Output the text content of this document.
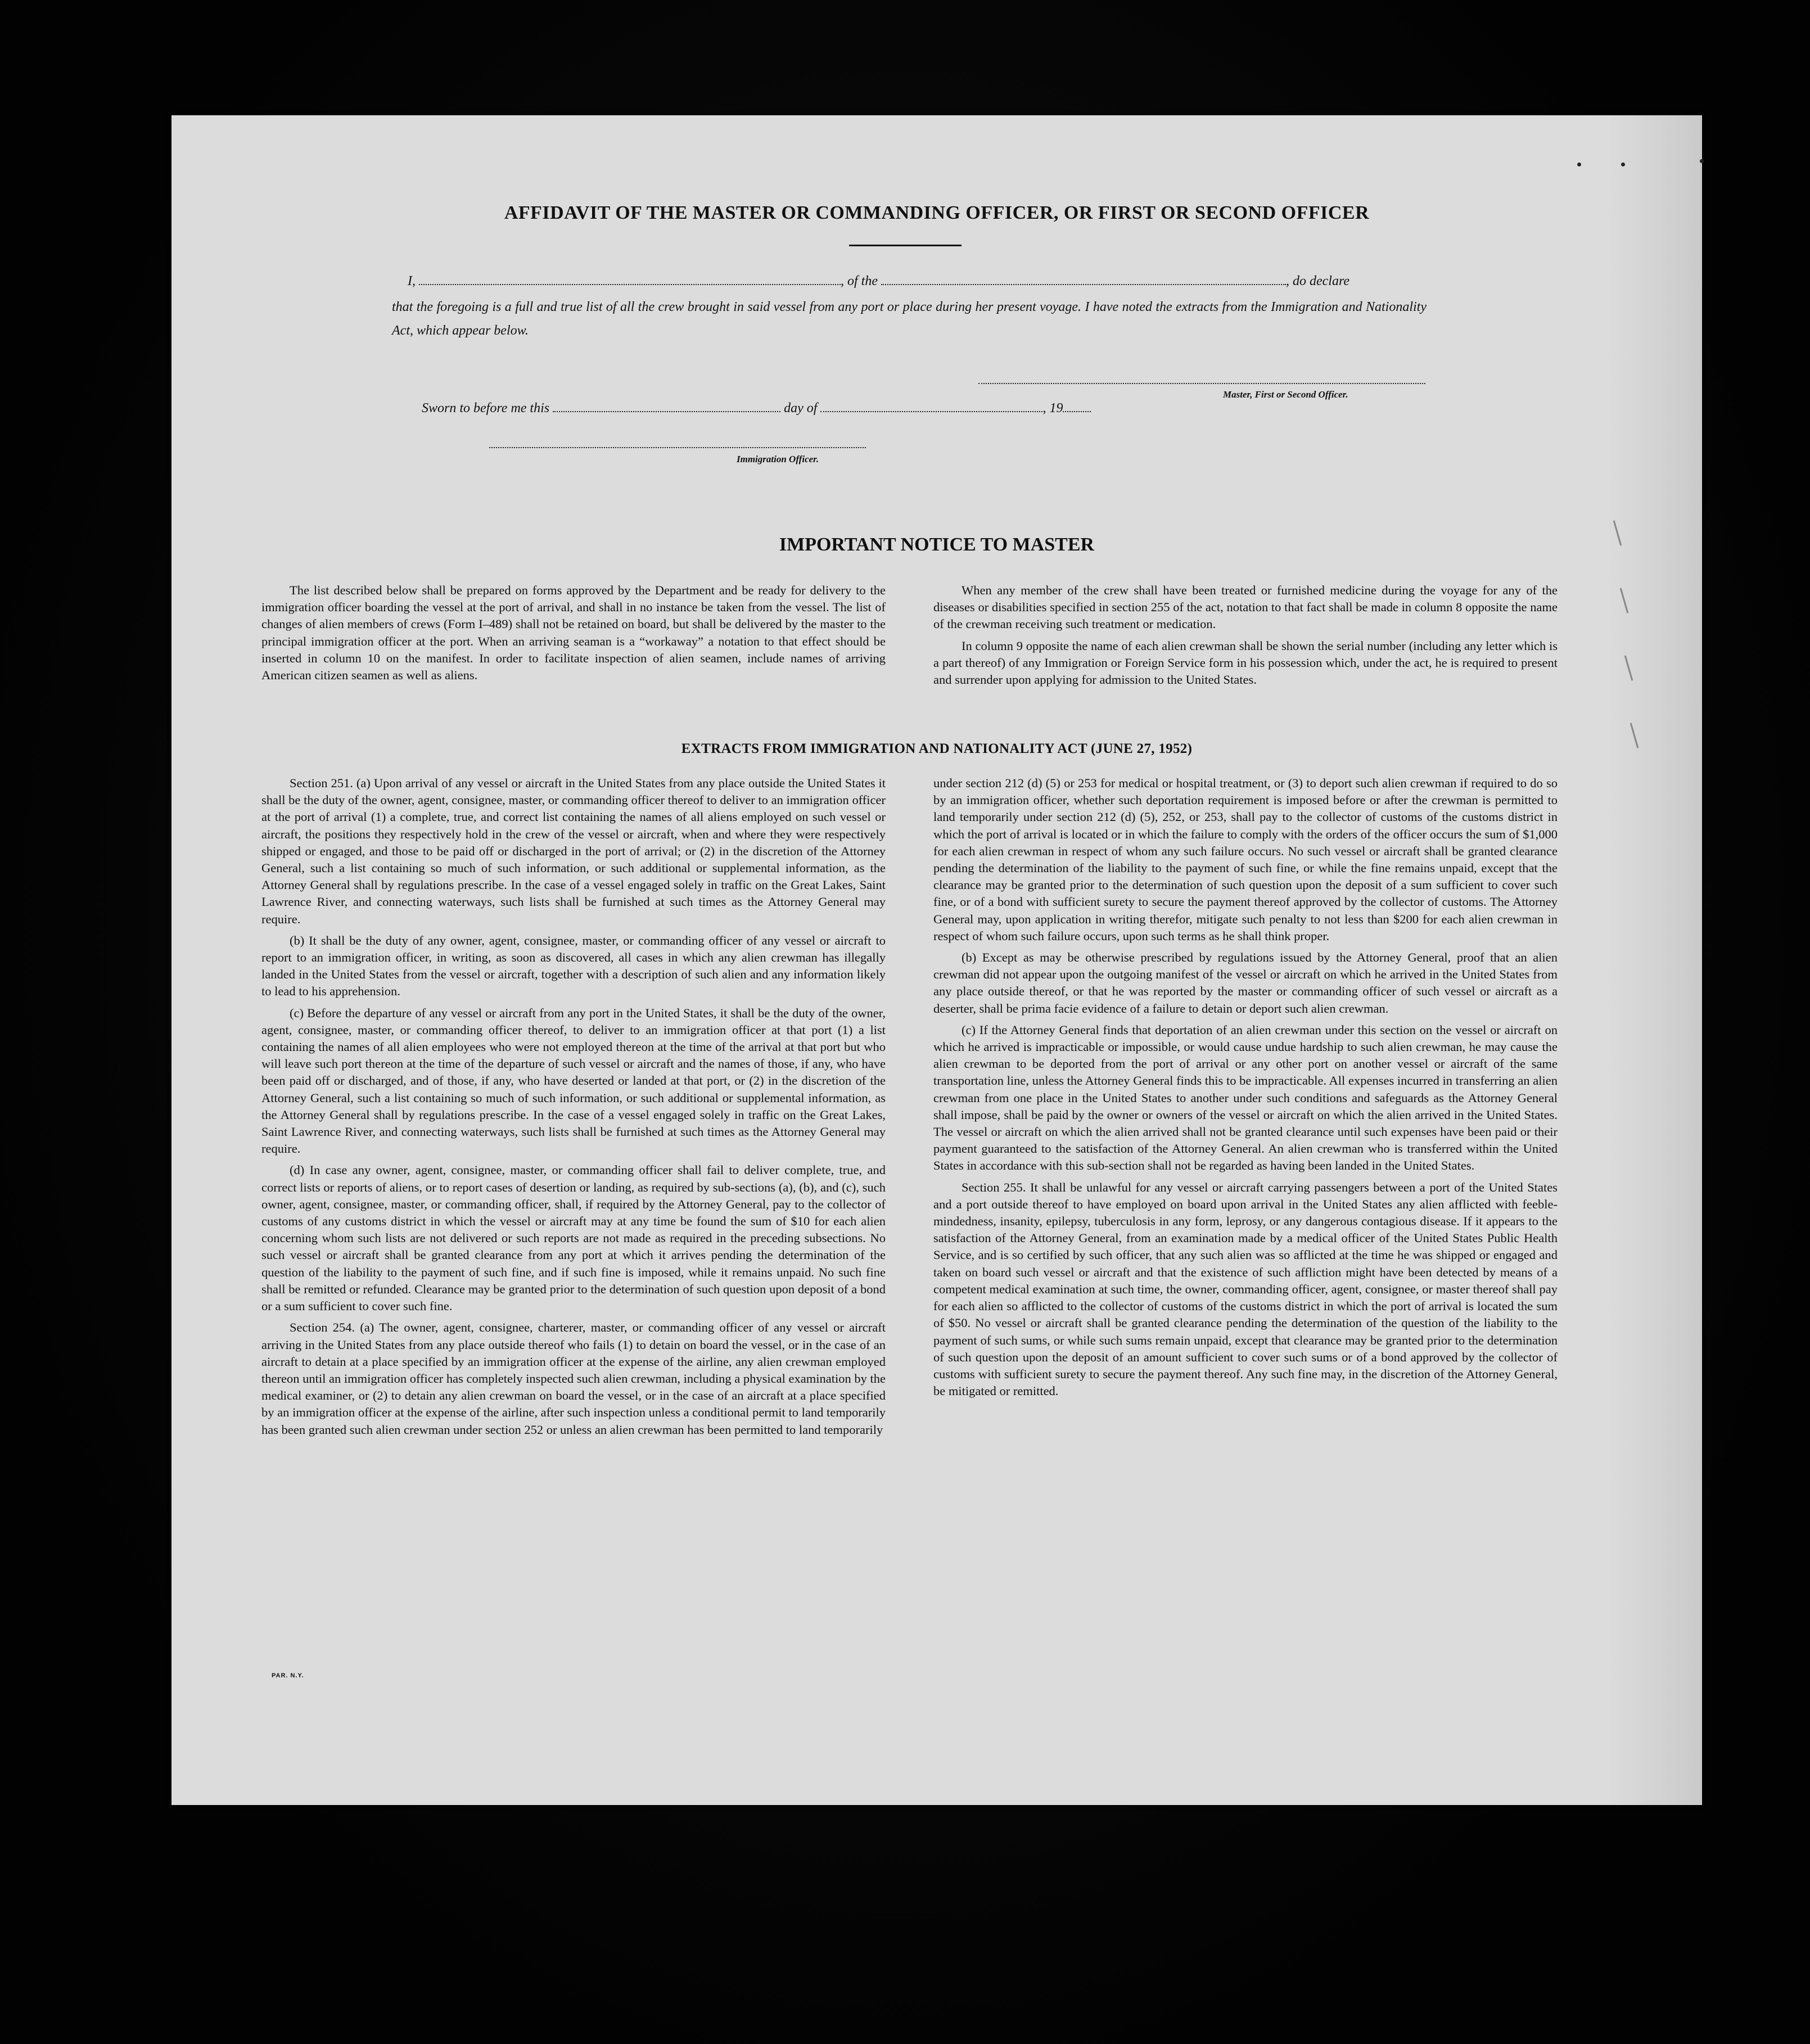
AFFIDAVIT OF THE MASTER OR COMMANDING OFFICER, OR FIRST OR SECOND OFFICER
I,	, of the	, do declare
that the foregoing is a full and true list of all the crew brought in said vessel from any port or place during her present voyage. I have noted the extracts from the Immigration and Nationality Act, which appear below.
Master, First or Second Officer.
Sworn to before me this	day of	, 19
Immigration Officer.
IMPORTANT NOTICE TO MASTER

The list described below shall be prepared on forms approved by the Department and be ready for delivery to the immigration officer boarding the vessel at the port of arrival, and shall in no instance be taken from the vessel. The list of changes of alien members of crews (Form I–489) shall not be retained on board, but shall be delivered by the master to the principal immigration officer at the port. When an arriving seaman is a “workaway” a notation to that effect should be inserted in column 10 on the manifest. In order to facilitate inspection of alien seamen, include names of arriving American citizen seamen as well as aliens.

When any member of the crew shall have been treated or furnished medicine during the voyage for any of the diseases or disabilities specified in section 255 of the act, notation to that fact shall be made in column 8 opposite the name of the crewman receiving such treatment or medication.

In column 9 opposite the name of each alien crewman shall be shown the serial number (including any letter which is a part thereof) of any Immigration or Foreign Service form in his possession which, under the act, he is required to present and surrender upon applying for admission to the United States.

EXTRACTS FROM IMMIGRATION AND NATIONALITY ACT (JUNE 27, 1952)

Section 251. (a) Upon arrival of any vessel or aircraft in the United States from any place outside the United States it shall be the duty of the owner, agent, consignee, master, or commanding officer thereof to deliver to an immigration officer at the port of arrival (1) a complete, true, and correct list containing the names of all aliens employed on such vessel or aircraft, the positions they respectively hold in the crew of the vessel or aircraft, when and where they were respectively shipped or engaged, and those to be paid off or discharged in the port of arrival; or (2) in the discretion of the Attorney General, such a list containing so much of such information, or such additional or supplemental information, as the Attorney General shall by regulations prescribe. In the case of a vessel engaged solely in traffic on the Great Lakes, Saint Lawrence River, and connecting waterways, such lists shall be furnished at such times as the Attorney General may require.

(b) It shall be the duty of any owner, agent, consignee, master, or commanding officer of any vessel or aircraft to report to an immigration officer, in writing, as soon as discovered, all cases in which any alien crewman has illegally landed in the United States from the vessel or aircraft, together with a description of such alien and any information likely to lead to his apprehension.

(c) Before the departure of any vessel or aircraft from any port in the United States, it shall be the duty of the owner, agent, consignee, master, or commanding officer thereof, to deliver to an immigration officer at that port (1) a list containing the names of all alien employees who were not employed thereon at the time of the arrival at that port but who will leave such port thereon at the time of the departure of such vessel or aircraft and the names of those, if any, who have been paid off or discharged, and of those, if any, who have deserted or landed at that port, or (2) in the discretion of the Attorney General, such a list containing so much of such information, or such additional or supplemental information, as the Attorney General shall by regulations prescribe. In the case of a vessel engaged solely in traffic on the Great Lakes, Saint Lawrence River, and connecting waterways, such lists shall be furnished at such times as the Attorney General may require.

(d) In case any owner, agent, consignee, master, or commanding officer shall fail to deliver complete, true, and correct lists or reports of aliens, or to report cases of desertion or landing, as required by sub-sections (a), (b), and (c), such owner, agent, consignee, master, or commanding officer, shall, if required by the Attorney General, pay to the collector of customs of any customs district in which the vessel or aircraft may at any time be found the sum of $10 for each alien concerning whom such lists are not delivered or such reports are not made as required in the preceding subsections. No such vessel or aircraft shall be granted clearance from any port at which it arrives pending the determination of the question of the liability to the payment of such fine, and if such fine is imposed, while it remains unpaid. No such fine shall be remitted or refunded. Clearance may be granted prior to the determination of such question upon deposit of a bond or a sum sufficient to cover such fine.

Section 254. (a) The owner, agent, consignee, charterer, master, or commanding officer of any vessel or aircraft arriving in the United States from any place outside thereof who fails (1) to detain on board the vessel, or in the case of an aircraft to detain at a place specified by an immigration officer at the expense of the airline, any alien crewman employed thereon until an immigration officer has completely inspected such alien crewman, including a physical examination by the medical examiner, or (2) to detain any alien crewman on board the vessel, or in the case of an aircraft at a place specified by an immigration officer at the expense of the airline, after such inspection unless a conditional permit to land temporarily has been granted such alien crewman under section 252 or unless an alien crewman has been permitted to land temporarily

under section 212 (d) (5) or 253 for medical or hospital treatment, or (3) to deport such alien crewman if required to do so by an immigration officer, whether such deportation requirement is imposed before or after the crewman is permitted to land temporarily under section 212 (d) (5), 252, or 253, shall pay to the collector of customs of the customs district in which the port of arrival is located or in which the failure to comply with the orders of the officer occurs the sum of $1,000 for each alien crewman in respect of whom any such failure occurs. No such vessel or aircraft shall be granted clearance pending the determination of the liability to the payment of such fine, or while the fine remains unpaid, except that the clearance may be granted prior to the determination of such question upon the deposit of a sum sufficient to cover such fine, or of a bond with sufficient surety to secure the payment thereof approved by the collector of customs. The Attorney General may, upon application in writing therefor, mitigate such penalty to not less than $200 for each alien crewman in respect of whom such failure occurs, upon such terms as he shall think proper.

(b) Except as may be otherwise prescribed by regulations issued by the Attorney General, proof that an alien crewman did not appear upon the outgoing manifest of the vessel or aircraft on which he arrived in the United States from any place outside thereof, or that he was reported by the master or commanding officer of such vessel or aircraft as a deserter, shall be prima facie evidence of a failure to detain or deport such alien crewman.

(c) If the Attorney General finds that deportation of an alien crewman under this section on the vessel or aircraft on which he arrived is impracticable or impossible, or would cause undue hardship to such alien crewman, he may cause the alien crewman to be deported from the port of arrival or any other port on another vessel or aircraft of the same transportation line, unless the Attorney General finds this to be impracticable. All expenses incurred in transferring an alien crewman from one place in the United States to another under such conditions and safeguards as the Attorney General shall impose, shall be paid by the owner or owners of the vessel or aircraft on which the alien arrived in the United States. The vessel or aircraft on which the alien arrived shall not be granted clearance until such expenses have been paid or their payment guaranteed to the satisfaction of the Attorney General. An alien crewman who is transferred within the United States in accordance with this sub-section shall not be regarded as having been landed in the United States.

Section 255. It shall be unlawful for any vessel or aircraft carrying passengers between a port of the United States and a port outside thereof to have employed on board upon arrival in the United States any alien afflicted with feeble-mindedness, insanity, epilepsy, tuberculosis in any form, leprosy, or any dangerous contagious disease. If it appears to the satisfaction of the Attorney General, from an examination made by a medical officer of the United States Public Health Service, and is so certified by such officer, that any such alien was so afflicted at the time he was shipped or engaged and taken on board such vessel or aircraft and that the existence of such affliction might have been detected by means of a competent medical examination at such time, the owner, commanding officer, agent, consignee, or master thereof shall pay for each alien so afflicted to the collector of customs of the customs district in which the port of arrival is located the sum of $50. No vessel or aircraft shall be granted clearance pending the determination of the question of the liability to the payment of such sums, or while such sums remain unpaid, except that clearance may be granted prior to the determination of such question upon the deposit of an amount sufficient to cover such sums or of a bond approved by the collector of customs with sufficient surety to secure the payment thereof. Any such fine may, in the discretion of the Attorney General, be mitigated or remitted.

PAR. N.Y.
